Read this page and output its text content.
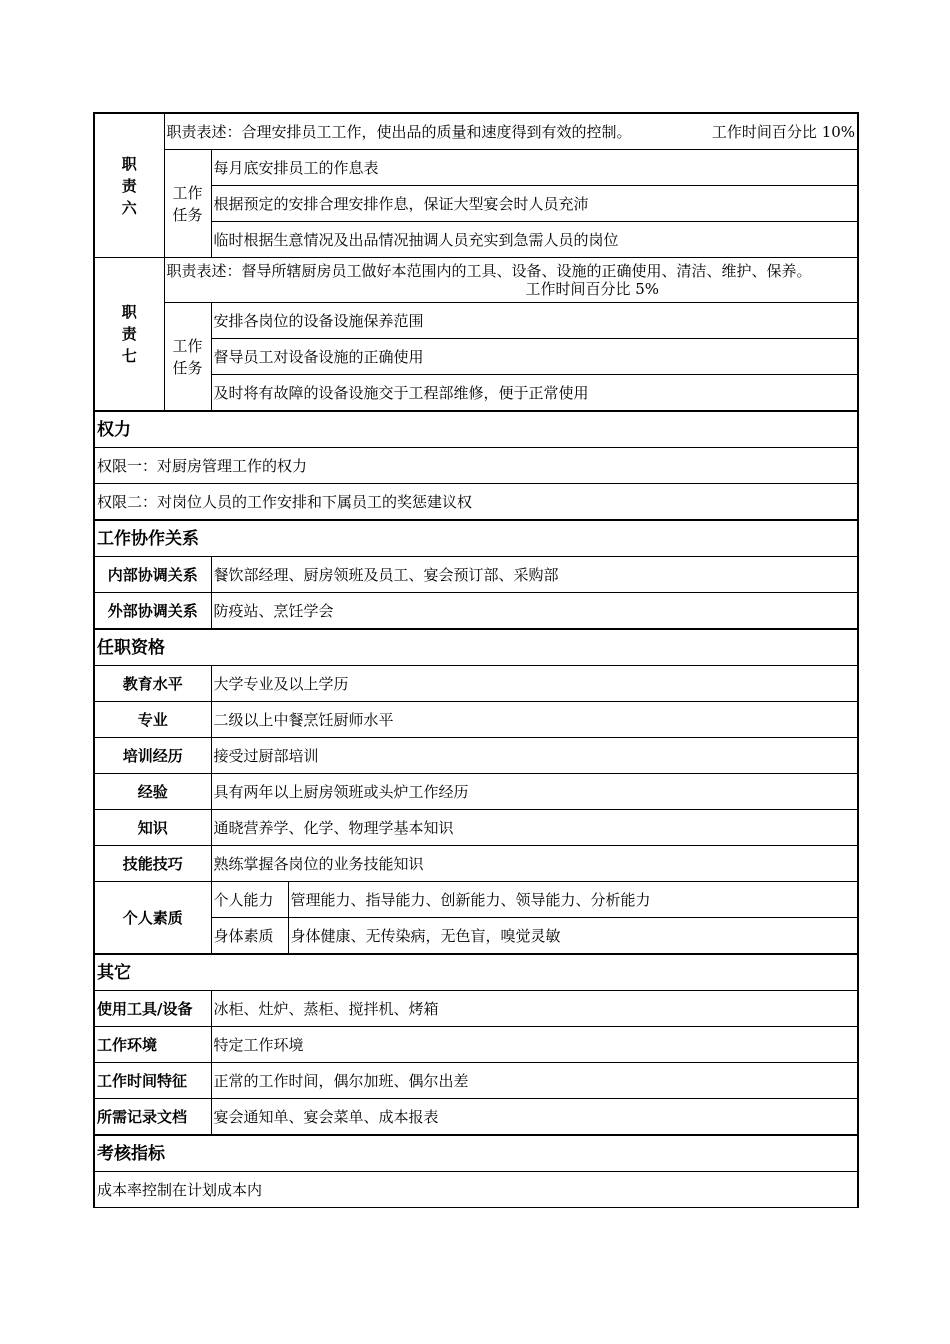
职
责
六	职责表述：合理安排员工工作，使出品的质量和速度得到有效的控制。 工作时间百分比 10%		

	工作任务	每月底安排员工的作息表	
		根据预定的安排合理安排作息，保证大型宴会时人员充沛	
		临时根据生意情况及出品情况抽调人员充实到急需人员的岗位	
职
责
七	职责表述：督导所辖厨房员工做好本范围内的工具、设备、设施的正确使用、清洁、维护、保养。
工作时间百分比 5%		

	工作任务	安排各岗位的设备设施保养范围	
		督导员工对设备设施的正确使用	
		及时将有故障的设备设施交于工程部维修，便于正常使用	
权力			
权限一：对厨房管理工作的权力			
权限二：对岗位人员的工作安排和下属员工的奖惩建议权			
工作协作关系			
内部协调关系		餐饮部经理、厨房领班及员工、宴会预订部、采购部	
外部协调关系		防疫站、烹饪学会	
任职资格			
教育水平		大学专业及以上学历	
专业		二级以上中餐烹饪厨师水平	
培训经历		接受过厨部培训	
经验		具有两年以上厨房领班或头炉工作经历	
知识		通晓营养学、化学、物理学基本知识	
技能技巧		熟练掌握各岗位的业务技能知识	
个人素质		个人能力	管理能力、指导能力、创新能力、领导能力、分析能力
		身体素质	身体健康、无传染病，无色盲，嗅觉灵敏
其它			
使用工具/设备		冰柜、灶炉、蒸柜、搅拌机、烤箱	
工作环境		特定工作环境	
工作时间特征		正常的工作时间，偶尔加班、偶尔出差	
所需记录文档		宴会通知单、宴会菜单、成本报表	
考核指标			
成本率控制在计划成本内			
